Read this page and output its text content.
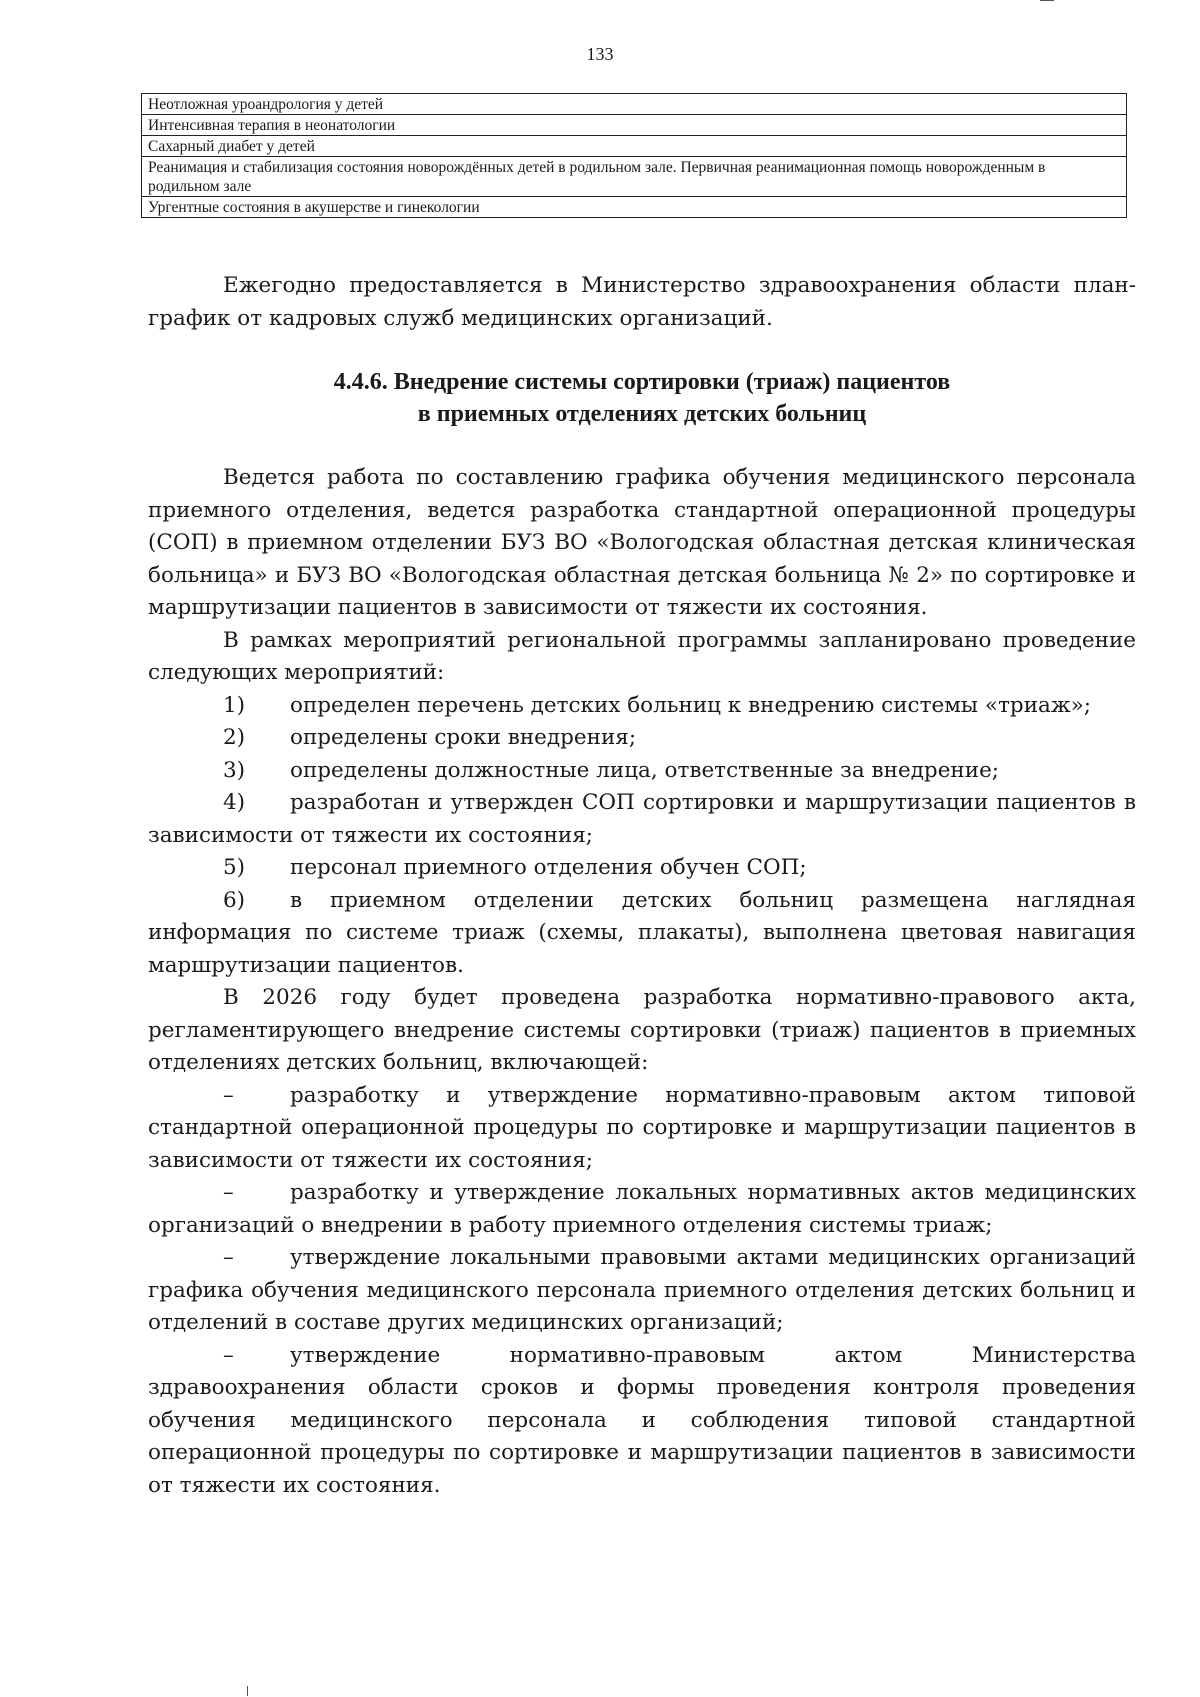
133
Неотложная уроандрология у детей
Интенсивная терапия в неонатологии
Сахарный диабет у детей
Реанимация и стабилизация состояния новорождённых детей в родильном зале. Первичная реанимационная помощь новорожденным в родильном зале
Ургентные состояния в акушерстве и гинекологии

Ежегодно предоставляется в Министерство здравоохранения области план-график от кадровых служб медицинских организаций.

4.4.6. Внедрение системы сортировки (триаж) пациентов
в приемных отделениях детских больниц

Ведется работа по составлению графика обучения медицинского персонала приемного отделения, ведется разработка стандартной операционной процедуры (СОП) в приемном отделении БУЗ ВО «Вологодская областная детская клиническая больница» и БУЗ ВО «Вологодская областная детская больница № 2» по сортировке и маршрутизации пациентов в зависимости от тяжести их состояния.

В рамках мероприятий региональной программы запланировано проведение следующих мероприятий:

1) определен перечень детских больниц к внедрению системы «триаж»;

2) определены сроки внедрения;

3) определены должностные лица, ответственные за внедрение;

4) разработан и утвержден СОП сортировки и маршрутизации пациентов в зависимости от тяжести их состояния;

5) персонал приемного отделения обучен СОП;

6) в приемном отделении детских больниц размещена наглядная информация по системе триаж (схемы, плакаты), выполнена цветовая навигация маршрутизации пациентов.

В 2026 году будет проведена разработка нормативно-правового акта, регламентирующего внедрение системы сортировки (триаж) пациентов в приемных отделениях детских больниц, включающей:

–	разработку и утверждение нормативно-правовым актом типовой стандартной операционной процедуры по сортировке и маршрутизации пациентов в зависимости от тяжести их состояния;

–	разработку и утверждение локальных нормативных актов медицинских организаций о внедрении в работу приемного отделения системы триаж;

–	утверждение локальными правовыми актами медицинских организаций графика обучения медицинского персонала приемного отделения детских больниц и отделений в составе других медицинских организаций;

–	утверждение нормативно-правовым актом Министерства здравоохранения области сроков и формы проведения контроля проведения обучения медицинского персонала и соблюдения типовой стандартной операционной процедуры по сортировке и маршрутизации пациентов в зависимости от тяжести их состояния.
